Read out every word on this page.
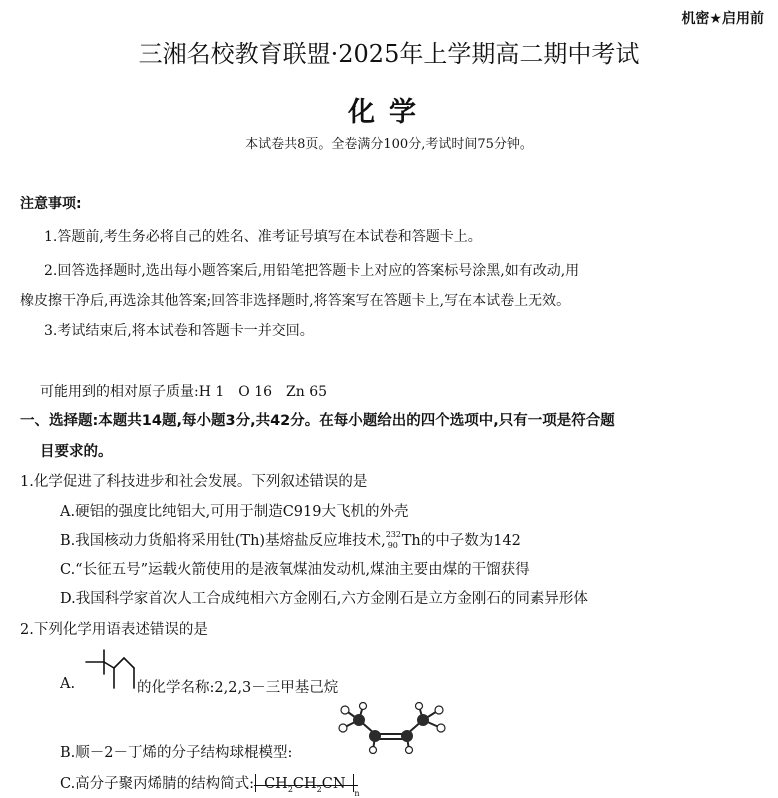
机密★启用前
三湘名校教育联盟·2025年上学期高二期中考试
化学
本试卷共8页。全卷满分100分,考试时间75分钟。
注意事项:
1.答题前,考生务必将自己的姓名、准考证号填写在本试卷和答题卡上。
2.回答选择题时,选出每小题答案后,用铅笔把答题卡上对应的答案标号涂黑,如有改动,用
橡皮擦干净后,再选涂其他答案;回答非选择题时,将答案写在答题卡上,写在本试卷上无效。
3.考试结束后,将本试卷和答题卡一并交回。
可能用到的相对原子质量:H 1　O 16　Zn 65
一、选择题:本题共14题,每小题3分,共42分。在每小题给出的四个选项中,只有一项是符合题
目要求的。
1.化学促进了科技进步和社会发展。下列叙述错误的是
A.硬铝的强度比纯铝大,可用于制造C919大飞机的外壳
B.我国核动力货船将采用钍(Th)基熔盐反应堆技术, 232
90 Th的中子数为142
C.“长征五号”运载火箭使用的是液氧煤油发动机,煤油主要由煤的干馏获得
D.我国科学家首次人工合成纯相六方金刚石,六方金刚石是立方金刚石的同素异形体
2.下列化学用语表述错误的是
A.	的化学名称:2,2,3－三甲基己烷
B.顺－2－丁烯的分子结构球棍模型:
C.高分子聚丙烯腈的结构简式: $CH_2CH_2CN$
n
